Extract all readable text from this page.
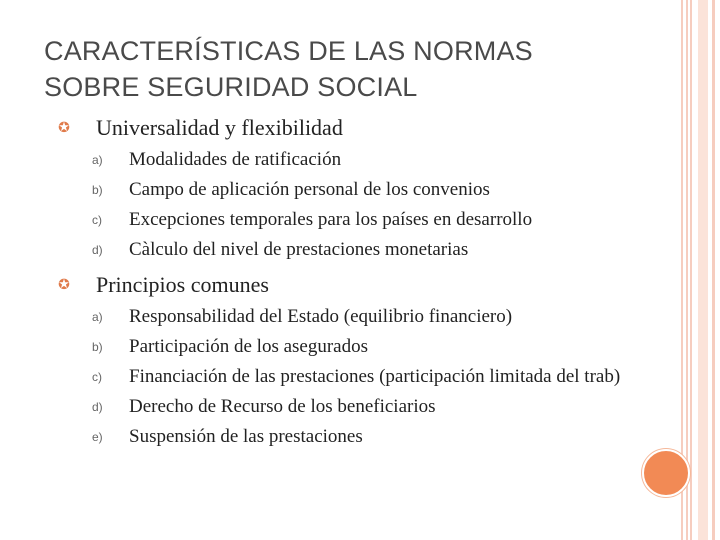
CARACTERÍSTICAS DE LAS NORMAS
SOBRE SEGURIDAD SOCIAL
✪ Universalidad y flexibilidad
a) Modalidades de ratificación
b) Campo de aplicación personal de los convenios
c) Excepciones temporales para los países en desarrollo
d) Càlculo del nivel de prestaciones monetarias
✪ Principios comunes
a) Responsabilidad del Estado (equilibrio financiero)
b) Participación de los asegurados
c) Financiación de las prestaciones (participación limitada del trab)
d) Derecho de Recurso de los beneficiarios
e) Suspensión de las prestaciones
